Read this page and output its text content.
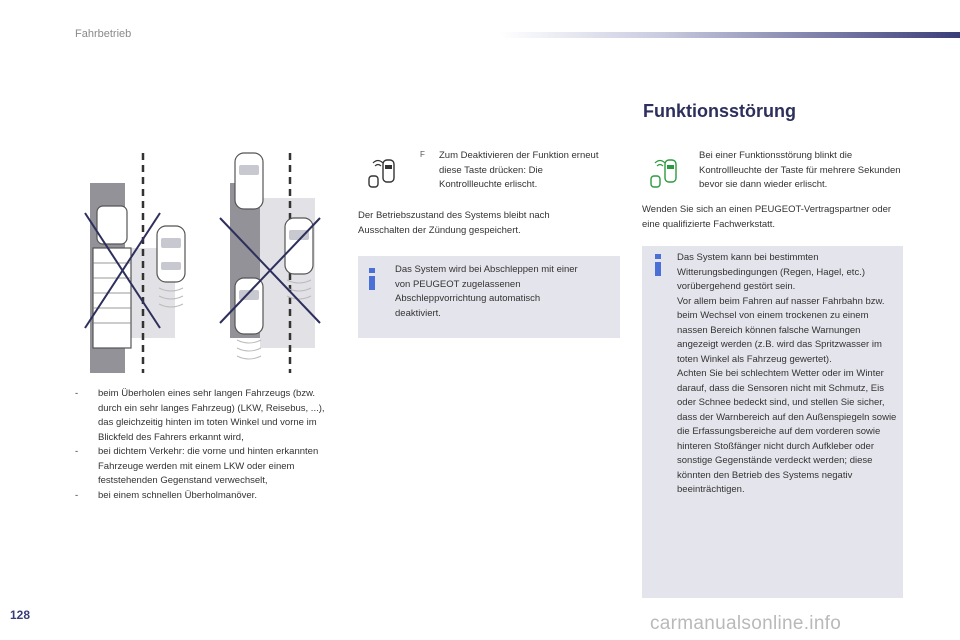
Fahrbetrieb
Funktionsstörung
- beim Überholen eines sehr langen Fahrzeugs (bzw. durch ein sehr langes Fahrzeug) (LKW, Reisebus, ...), das gleichzeitig hinten im toten Winkel und vorne im Blickfeld des Fahrers erkannt wird,
- bei dichtem Verkehr: die vorne und hinten erkannten Fahrzeuge werden mit einem LKW oder einem feststehenden Gegenstand verwechselt,
- bei einem schnellen Überholmanöver.
F Zum Deaktivieren der Funktion erneut diese Taste drücken: Die Kontrollleuchte erlischt.
Der Betriebszustand des Systems bleibt nach Ausschalten der Zündung gespeichert.
Das System wird bei Abschleppen mit einer von PEUGEOT zugelassenen Abschleppvorrichtung automatisch deaktiviert.
Bei einer Funktionsstörung blinkt die Kontrollleuchte der Taste für mehrere Sekunden bevor sie dann wieder erlischt.
Wenden Sie sich an einen PEUGEOT-Vertragspartner oder eine qualifizierte Fachwerkstatt.
Das System kann bei bestimmten Witterungsbedingungen (Regen, Hagel, etc.) vorübergehend gestört sein.
Vor allem beim Fahren auf nasser Fahrbahn bzw. beim Wechsel von einem trockenen zu einem nassen Bereich können falsche Warnungen angezeigt werden (z.B. wird das Spritzwasser im toten Winkel als Fahrzeug gewertet).
Achten Sie bei schlechtem Wetter oder im Winter darauf, dass die Sensoren nicht mit Schmutz, Eis oder Schnee bedeckt sind, und stellen Sie sicher, dass der Warnbereich auf den Außenspiegeln sowie die Erfassungsbereiche auf dem vorderen sowie hinteren Stoßfänger nicht durch Aufkleber oder sonstige Gegenstände verdeckt werden; diese könnten den Betrieb des Systems negativ beeinträchtigen.
128	carmanualsonline.info
